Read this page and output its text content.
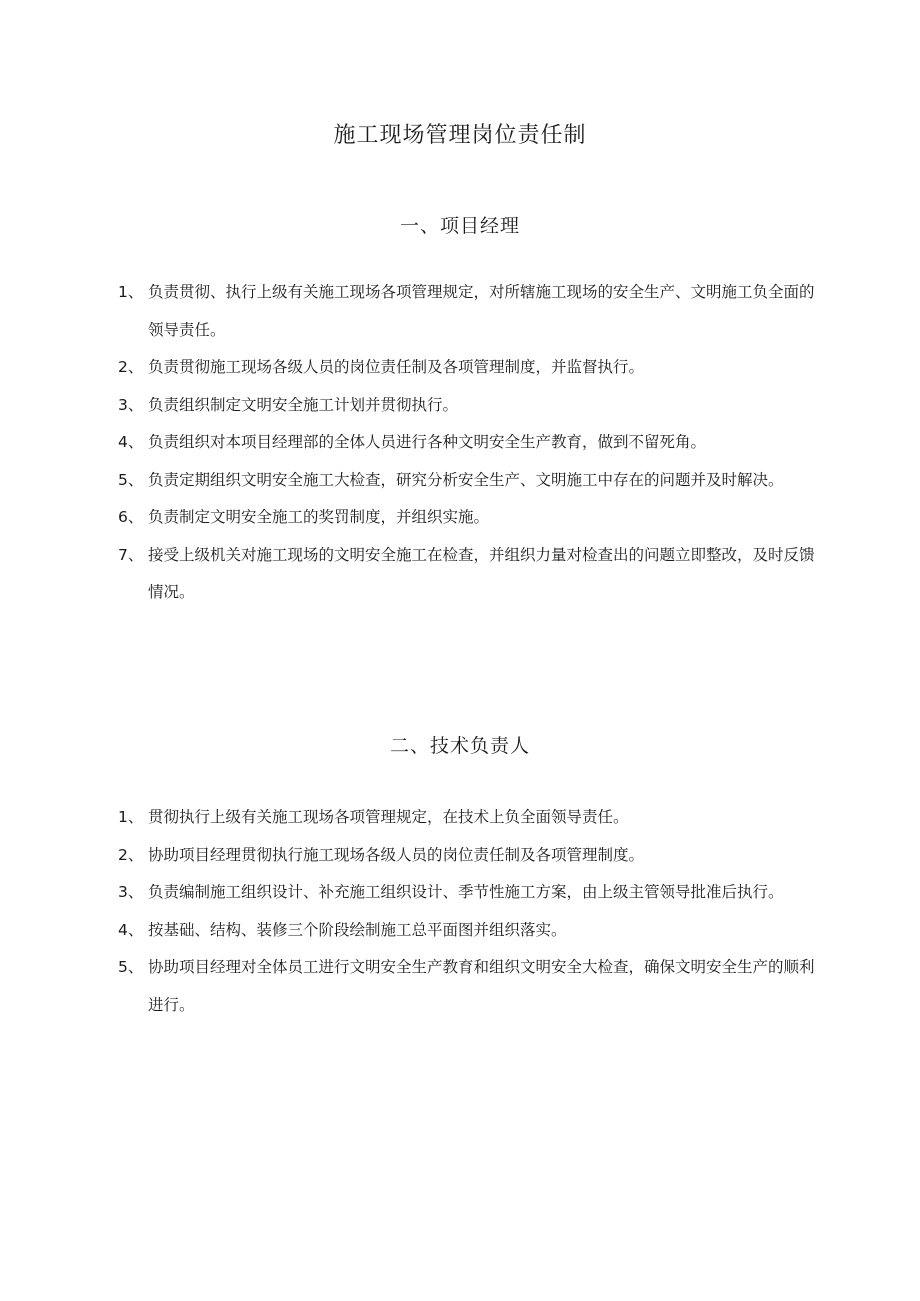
施工现场管理岗位责任制
一、项目经理
1、 负责贯彻、执行上级有关施工现场各项管理规定，对所辖施工现场的安全生产、文明施工负全面的领导责任。

2、 负责贯彻施工现场各级人员的岗位责任制及各项管理制度，并监督执行。

3、 负责组织制定文明安全施工计划并贯彻执行。

4、 负责组织对本项目经理部的全体人员进行各种文明安全生产教育，做到不留死角。

5、 负责定期组织文明安全施工大检查，研究分析安全生产、文明施工中存在的问题并及时解决。

6、 负责制定文明安全施工的奖罚制度，并组织实施。

7、 接受上级机关对施工现场的文明安全施工在检查，并组织力量对检查出的问题立即整改，及时反馈情况。

二、技术负责人
1、 贯彻执行上级有关施工现场各项管理规定，在技术上负全面领导责任。

2、 协助项目经理贯彻执行施工现场各级人员的岗位责任制及各项管理制度。

3、 负责编制施工组织设计、补充施工组织设计、季节性施工方案，由上级主管领导批准后执行。

4、 按基础、结构、装修三个阶段绘制施工总平面图并组织落实。

5、 协助项目经理对全体员工进行文明安全生产教育和组织文明安全大检查，确保文明安全生产的顺利进行。
